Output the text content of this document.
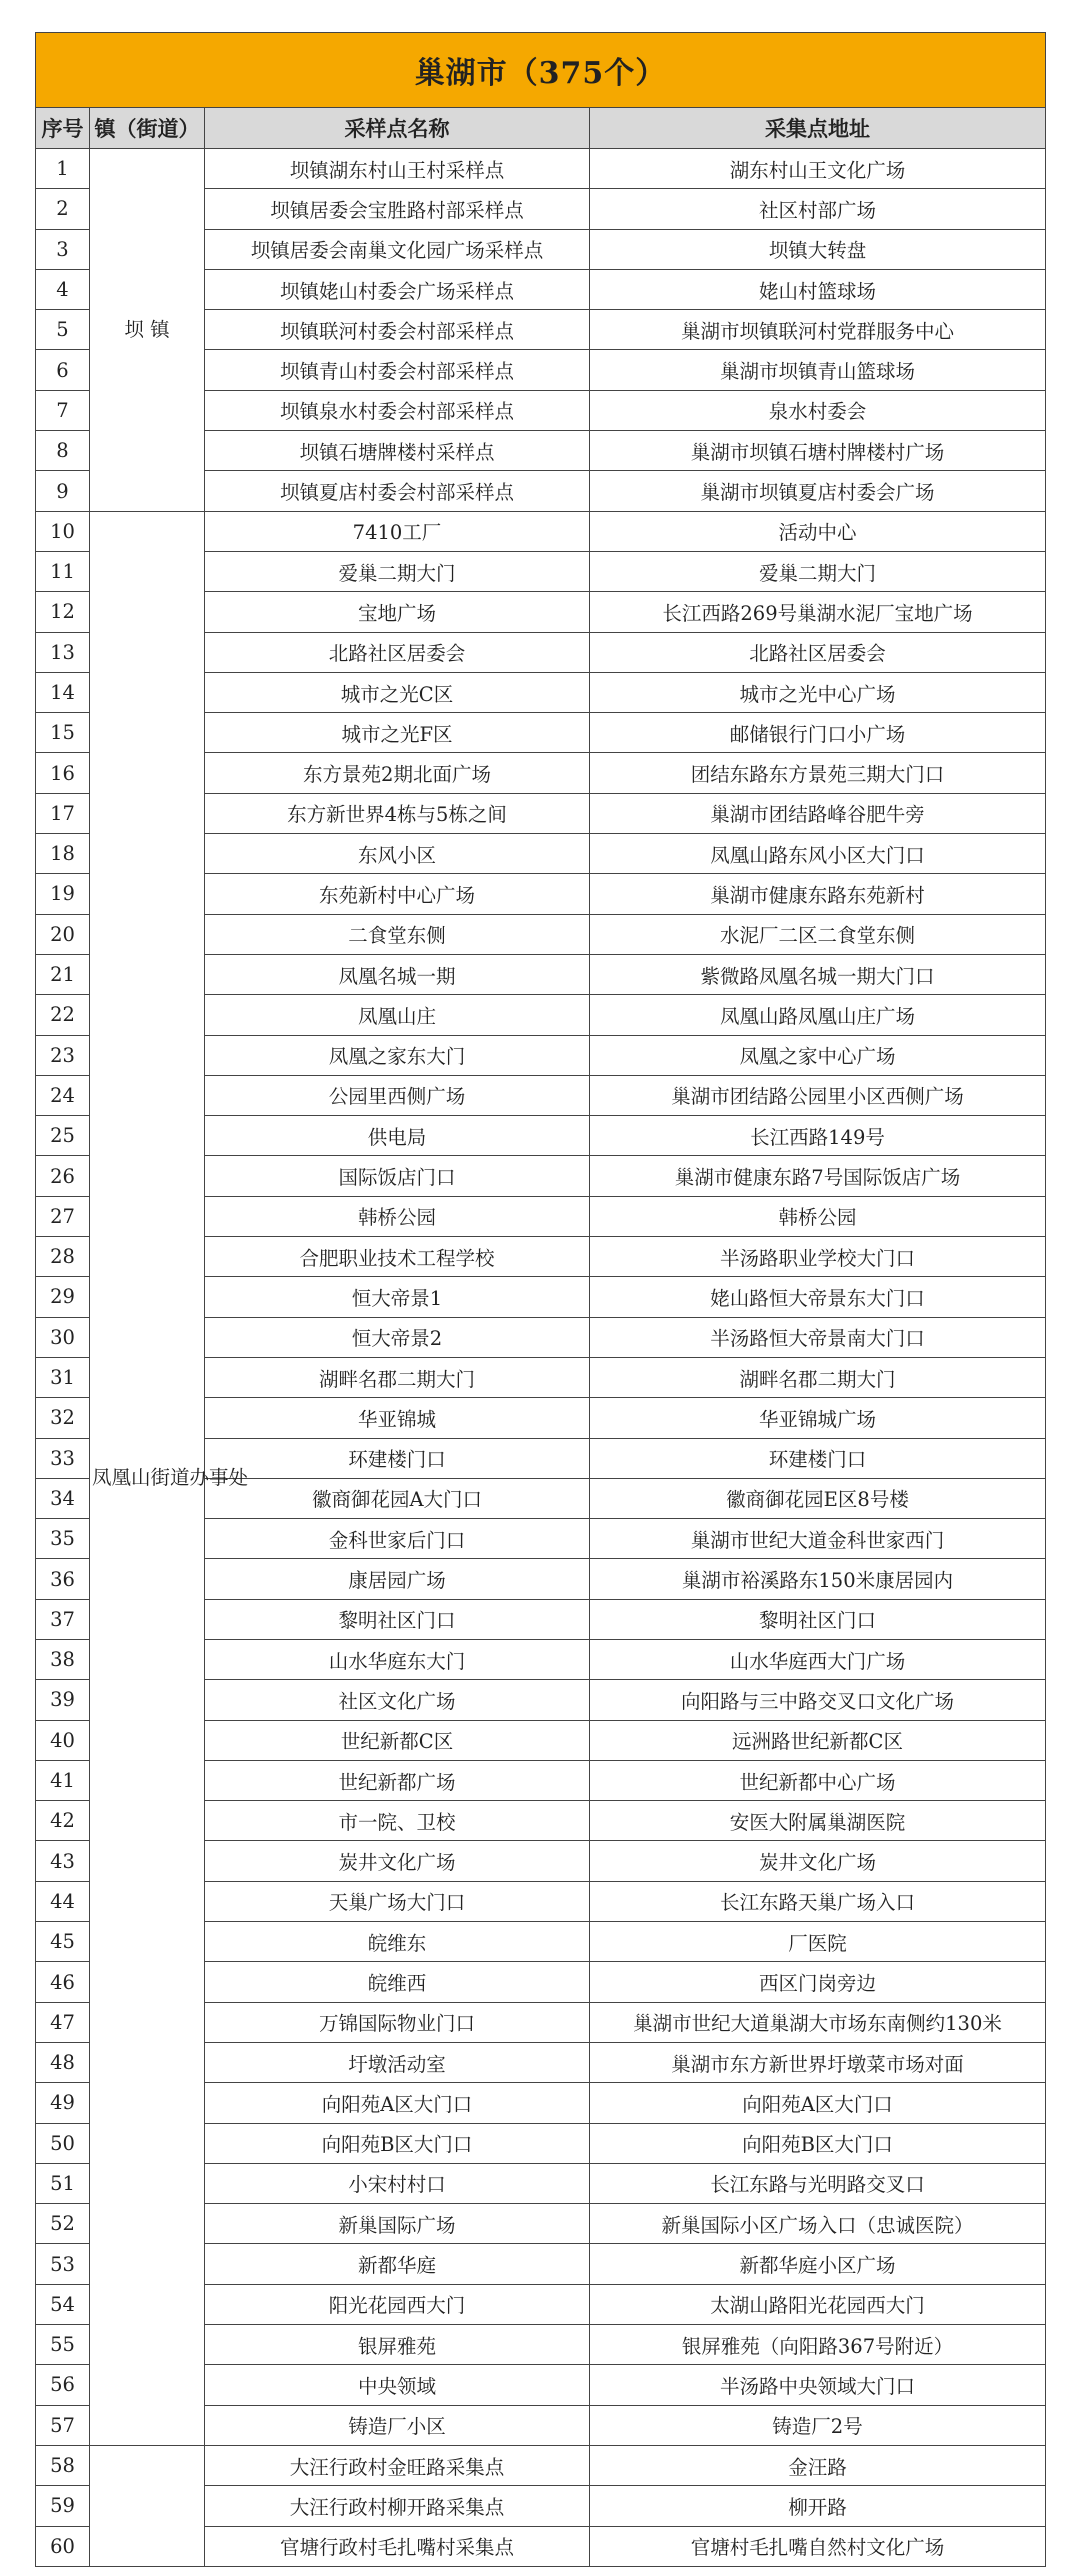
巢湖市（375个）			
序号	镇（街道）	采样点名称	采集点地址
1	坝 镇	坝镇湖东村山王村采样点	湖东村山王文化广场
2		坝镇居委会宝胜路村部采样点	社区村部广场
3		坝镇居委会南巢文化园广场采样点	坝镇大转盘
4		坝镇姥山村委会广场采样点	姥山村篮球场
5		坝镇联河村委会村部采样点	巢湖市坝镇联河村党群服务中心
6		坝镇青山村委会村部采样点	巢湖市坝镇青山篮球场
7		坝镇泉水村委会村部采样点	泉水村委会
8		坝镇石塘牌楼村采样点	巢湖市坝镇石塘村牌楼村广场
9		坝镇夏店村委会村部采样点	巢湖市坝镇夏店村委会广场
10	凤凰山街道办事处	7410工厂	活动中心
11		爱巢二期大门	爱巢二期大门
12		宝地广场	长江西路269号巢湖水泥厂宝地广场
13		北路社区居委会	北路社区居委会
14		城市之光C区	城市之光中心广场
15		城市之光F区	邮储银行门口小广场
16		东方景苑2期北面广场	团结东路东方景苑三期大门口
17		东方新世界4栋与5栋之间	巢湖市团结路峰谷肥牛旁
18		东风小区	凤凰山路东风小区大门口
19		东苑新村中心广场	巢湖市健康东路东苑新村
20		二食堂东侧	水泥厂二区二食堂东侧
21		凤凰名城一期	紫微路凤凰名城一期大门口
22		凤凰山庄	凤凰山路凤凰山庄广场
23		凤凰之家东大门	凤凰之家中心广场
24		公园里西侧广场	巢湖市团结路公园里小区西侧广场
25		供电局	长江西路149号
26		国际饭店门口	巢湖市健康东路7号国际饭店广场
27		韩桥公园	韩桥公园
28		合肥职业技术工程学校	半汤路职业学校大门口
29		恒大帝景1	姥山路恒大帝景东大门口
30		恒大帝景2	半汤路恒大帝景南大门口
31		湖畔名郡二期大门	湖畔名郡二期大门
32		华亚锦城	华亚锦城广场
33		环建楼门口	环建楼门口
34		徽商御花园A大门口	徽商御花园E区8号楼
35		金科世家后门口	巢湖市世纪大道金科世家西门
36		康居园广场	巢湖市裕溪路东150米康居园内
37		黎明社区门口	黎明社区门口
38		山水华庭东大门	山水华庭西大门广场
39		社区文化广场	向阳路与三中路交叉口文化广场
40		世纪新都C区	远洲路世纪新都C区
41		世纪新都广场	世纪新都中心广场
42		市一院、卫校	安医大附属巢湖医院
43		炭井文化广场	炭井文化广场
44		天巢广场大门口	长江东路天巢广场入口
45		皖维东	厂医院
46		皖维西	西区门岗旁边
47		万锦国际物业门口	巢湖市世纪大道巢湖大市场东南侧约130米
48		圩墩活动室	巢湖市东方新世界圩墩菜市场对面
49		向阳苑A区大门口	向阳苑A区大门口
50		向阳苑B区大门口	向阳苑B区大门口
51		小宋村村口	长江东路与光明路交叉口
52		新巢国际广场	新巢国际小区广场入口（忠诚医院）
53		新都华庭	新都华庭小区广场
54		阳光花园西大门	太湖山路阳光花园西大门
55		银屏雅苑	银屏雅苑（向阳路367号附近）
56		中央领域	半汤路中央领域大门口
57		铸造厂小区	铸造厂2号
58		大汪行政村金旺路采集点	金汪路
59		大汪行政村柳开路采集点	柳开路
60		官塘行政村毛扎嘴村采集点	官塘村毛扎嘴自然村文化广场
